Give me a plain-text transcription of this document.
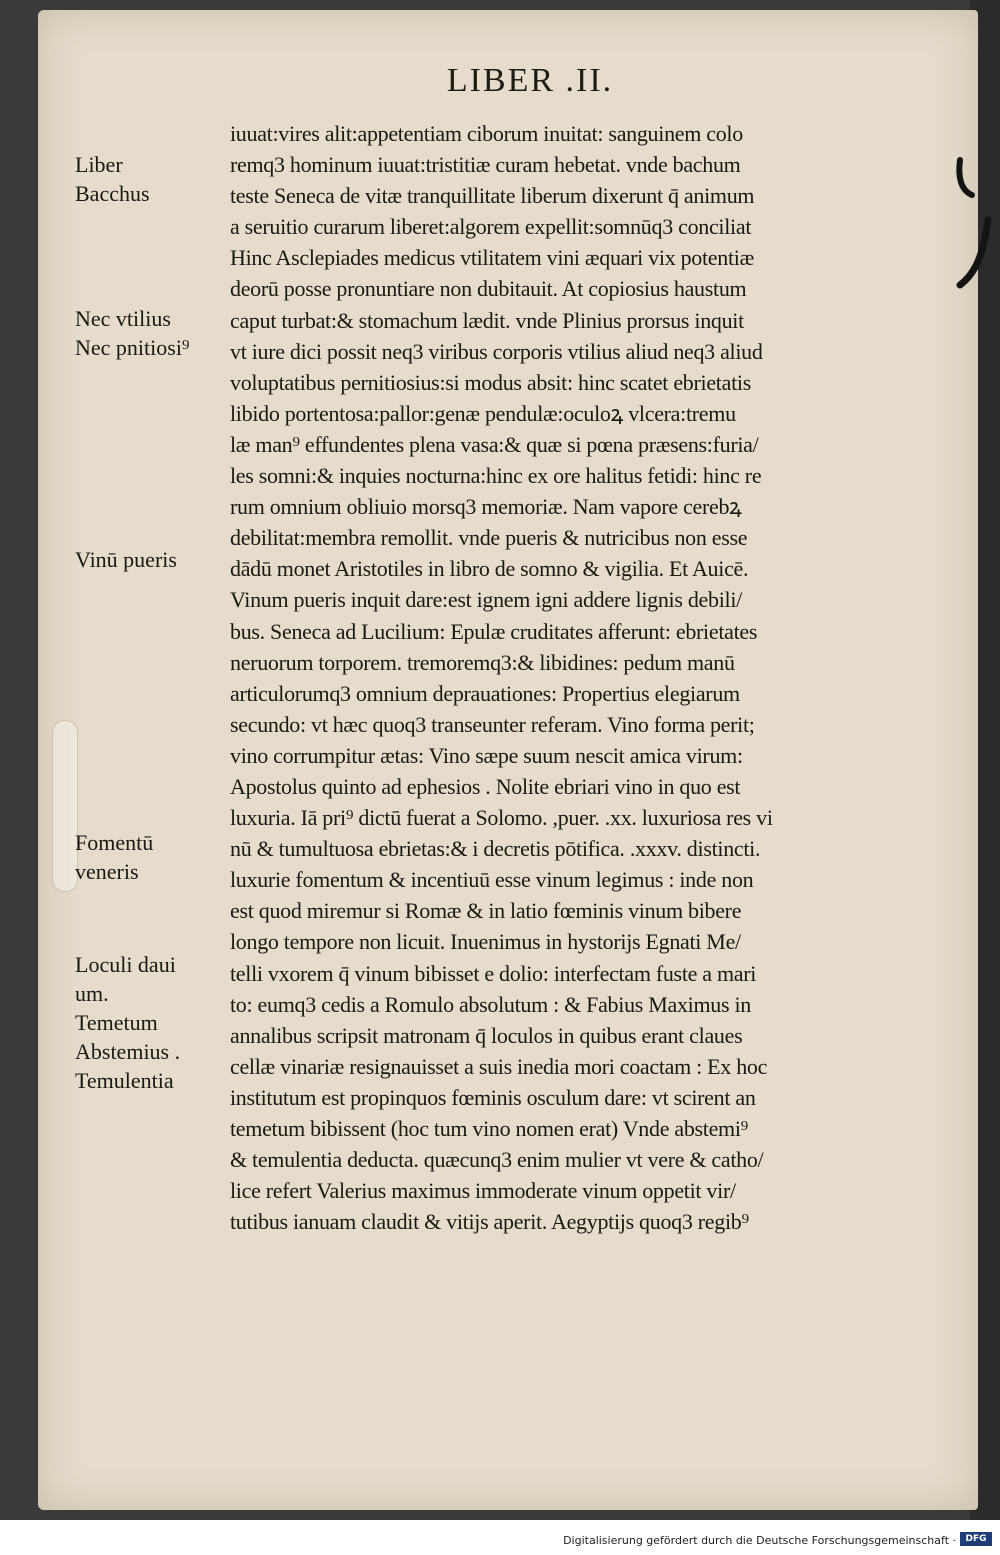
LIBER .II.
iuuat:vires alit:appetentiam ciborum inuitat: sanguinem colo
remq3 hominum iuuat:tristitiæ curam hebetat. vnde bachum
teste Seneca de vitæ tranquillitate liberum dixerunt q̄ animum
a seruitio curarum liberet:algorem expellit:somnūq3 conciliat
Hinc Asclepiades medicus vtilitatem vini æquari vix potentiæ
deorū posse pronuntiare non dubitauit. At copiosius haustum
caput turbat:& stomachum lædit. vnde Plinius prorsus inquit
vt iure dici possit neq3 viribus corporis vtilius aliud neq3 aliud
voluptatibus pernitiosius:si modus absit: hinc scatet ebrietatis
libido portentosa:pallor:genæ pendulæ:oculoꝝ vlcera:tremu
læ man⁹ effundentes plena vasa:& quæ si pœna præsens:furia/
les somni:& inquies nocturna:hinc ex ore halitus fetidi: hinc re
rum omnium obliuio morsq3 memoriæ. Nam vapore cerebꝝ
debilitat:membra remollit. vnde pueris & nutricibus non esse
dādū monet Aristotiles in libro de somno & vigilia. Et Auicē.
Vinum pueris inquit dare:est ignem igni addere lignis debili/
bus. Seneca ad Lucilium: Epulæ cruditates afferunt: ebrietates
neruorum torporem. tremoremq3:& libidines: pedum manū
articulorumq3 omnium deprauationes: Propertius elegiarum
secundo: vt hæc quoq3 transeunter referam. Vino forma perit;
vino corrumpitur ætas: Vino sæpe suum nescit amica virum:
Apostolus quinto ad ephesios . Nolite ebriari vino in quo est
luxuria. Iā pri⁹ dictū fuerat a Solomo. ,puer. .xx. luxuriosa res vi
nū & tumultuosa ebrietas:& i decretis pōtifica. .xxxv. distincti.
luxurie fomentum & incentiuū esse vinum legimus : inde non
est quod miremur si Romæ & in latio fœminis vinum bibere
longo tempore non licuit. Inuenimus in hystorijs Egnati Me/
telli vxorem q̄ vinum bibisset e dolio: interfectam fuste a mari
to: eumq3 cedis a Romulo absolutum : & Fabius Maximus in
annalibus scripsit matronam q̄ loculos in quibus erant claues
cellæ vinariæ resignauisset a suis inedia mori coactam : Ex hoc
institutum est propinquos fœminis osculum dare: vt scirent an
temetum bibissent (hoc tum vino nomen erat) Vnde abstemi⁹
& temulentia deducta. quæcunq3 enim mulier vt vere & catho/
lice refert Valerius maximus immoderate vinum oppetit vir/
tutibus ianuam claudit & vitijs aperit. Aegyptijs quoq3 regib⁹
Liber
Bacchus
Nec vtilius
Nec pnitiosi⁹
Vinū pueris
Fomentū
veneris
Loculi daui
um.
Temetum
Abstemius .
Temulentia
Digitalisierung gefördert durch die Deutsche Forschungsgemeinschaft ·	DFG
